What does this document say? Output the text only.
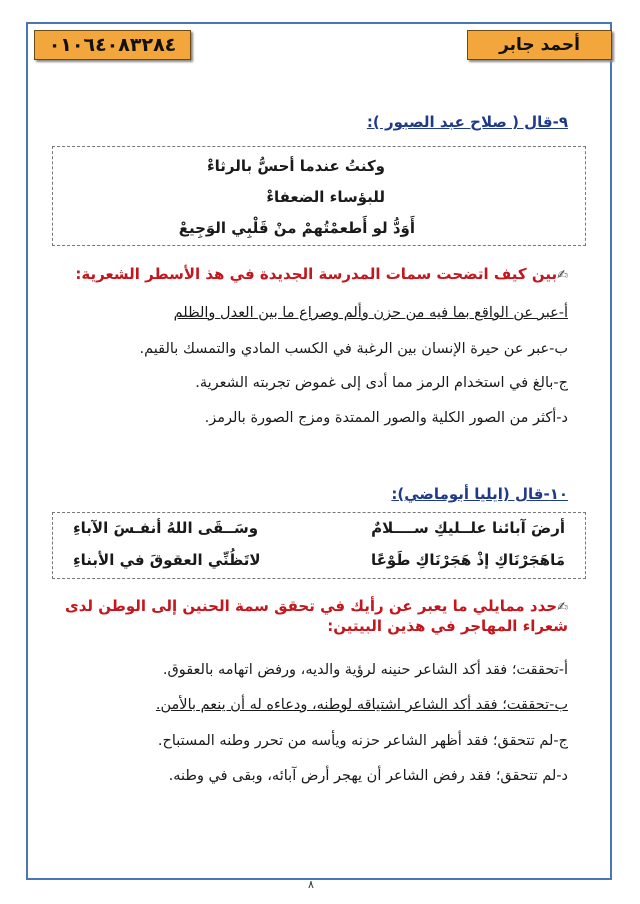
٠١٠٦٤٠٨٣٢٨٤	أحمد جابر
٩-قال ( صلاح عبد الصبور ):
وكنتُ عندما أحسُّ بالرثاءْ
للبؤساء الضعفاءْ
أَوَدُّ لو أَطعمْتُهمْ منْ قَلْبِي الوَجِيعْ
✍بين كيف اتضحت سمات المدرسة الجديدة في هذ الأسطر الشعرية:
أ-عبر عن الواقع بما فيه من حزن وألم وصراع ما بين العدل والظلم
ب-عبر عن حيرة الإنسان بين الرغبة في الكسب المادي والتمسك بالقيم.
ج-بالغ في استخدام الرمز مما أدى إلى غموض تجربته الشعرية.
د-أكثر من الصور الكلية والصور الممتدة ومزج الصورة بالرمز.
١٠-قال (ايليا أبوماضي):
أرضَ آبائنا علــليكِ ســــلامٌ
وسَــقَى اللهُ أنفـسَ الآباءِ
مَاهَجَرْنَاكِ إذْ هَجَرْنَاكِ طَوْعًا
لاتَظُنِّي العقوقَ في الأبناءِ
✍حدد ممايلي ما يعبر عن رأيك في تحقق سمة الحنين إلى الوطن لدى
شعراء المهاجر في هذين البيتين:
أ-تحققت؛ فقد أكد الشاعر حنينه لرؤية والديه، ورفض اتهامه بالعقوق.
ب-تحققت؛ فقد أكد الشاعر اشتياقه لوطنه، ودعاءه له أن ينعم بالأمن.
ج-لم تتحقق؛ فقد أظهر الشاعر حزنه ويأسه من تحرر وطنه المستباح.
د-لم تتحقق؛ فقد رفض الشاعر أن يهجر أرض آبائه، وبقى في وطنه.
٨
